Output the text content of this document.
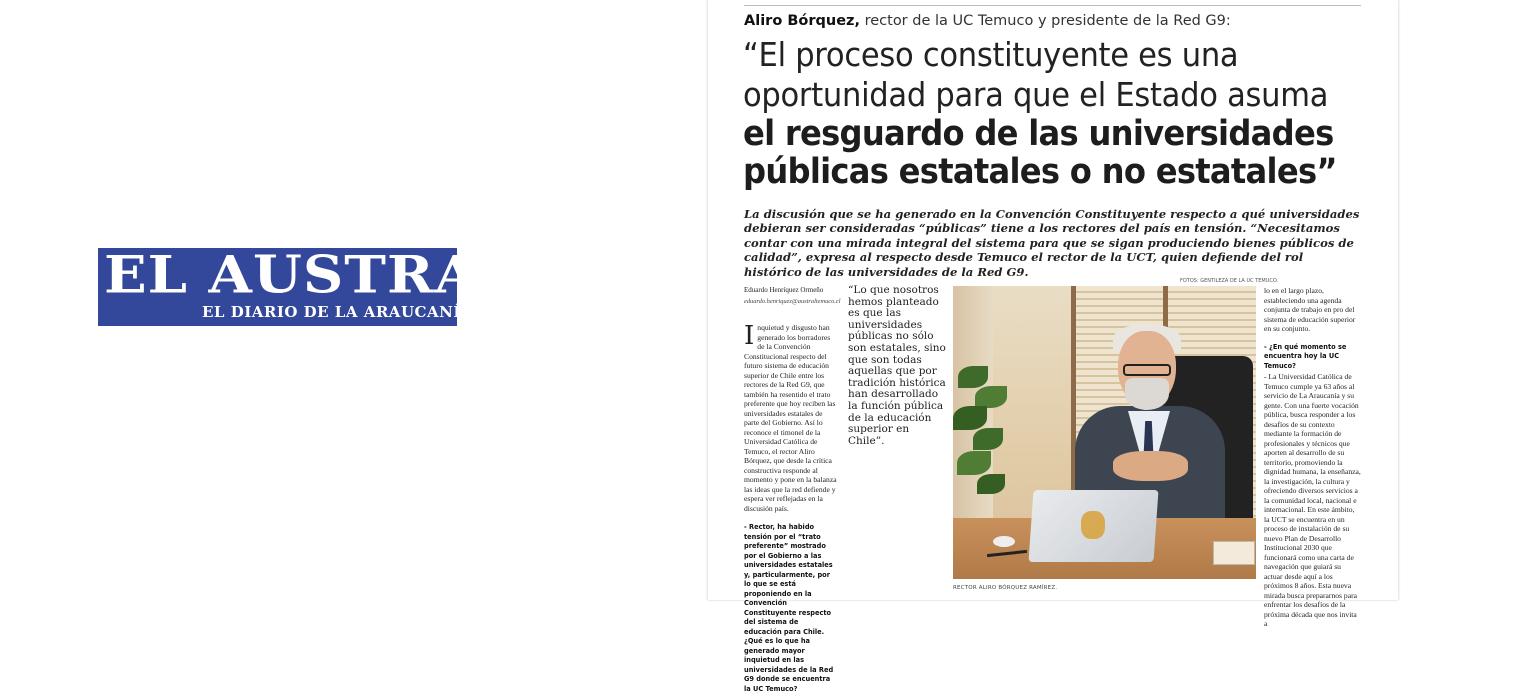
EL AUSTRAL
EL DIARIO DE LA ARAUCANÍA
Aliro Bórquez, rector de la UC Temuco y presidente de la Red G9:
“El proceso constituyente es una
oportunidad para que el Estado asuma
el resguardo de las universidades
públicas estatales o no estatales”
La discusión que se ha generado en la Convención Constituyente respecto a qué universidades debieran ser consideradas “públicas” tiene a los rectores del país en tensión. “Necesitamos contar con una mirada integral del sistema para que se sigan produciendo bienes públicos de calidad”, expresa al respecto desde Temuco el rector de la UCT, quien defiende del rol histórico de las universidades de la Red G9.
FOTOS: GENTILEZA DE LA UC TEMUCO.
Eduardo Henríquez Ormeño
eduardo.henriquez@australtemuco.cl
Inquietud y disgusto han generado los borradores de la Convención Constitucional respecto del futuro sistema de educación superior de Chile entre los rectores de la Red G9, que también ha resentido el trato preferente que hoy reciben las universidades estatales de parte del Gobierno. Así lo reconoce el timonel de la Universidad Católica de Temuco, el rector Aliro Bórquez, que desde la crítica constructiva responde al momento y pone en la balanza las ideas que la red defiende y espera ver reflejadas en la discusión país.
- Rector, ha habido tensión por el “trato preferente” mostrado por el Gobierno a las universidades estatales y, particularmente, por lo que se está proponiendo en la Convención Constituyente respecto del sistema de educación para Chile. ¿Qué es lo que ha generado mayor inquietud en las universidades de la Red G9 donde se encuentra la UC Temuco?
“Lo que nosotros hemos planteado es que las universidades públicas no sólo son estatales, sino que son todas aquellas que por tradición histórica han desarrollado la función pública de la educación superior en Chile”.
RECTOR ALIRO BÓRQUEZ RAMÍREZ.
lo en el largo plazo, estableciendo una agenda conjunta de trabajo en pro del sistema de educación superior en su conjunto.
- ¿En qué momento se encuentra hoy la UC Temuco?
- La Universidad Católica de Temuco cumple ya 63 años al servicio de La Araucanía y su gente. Con una fuerte vocación pública, busca responder a los desafíos de su contexto mediante la formación de profesionales y técnicos que aporten al desarrollo de su territorio, promoviendo la dignidad humana, la enseñanza, la investigación, la cultura y ofreciendo diversos servicios a la comunidad local, nacional e internacional. En este ámbito, la UCT se encuentra en un proceso de instalación de su nuevo Plan de Desarrollo Institucional 2030 que funcionará como una carta de navegación que guiará su actuar desde aquí a los próximos 8 años. Esta nueva mirada busca prepararnos para enfrentar los desafíos de la próxima década que nos invita a
